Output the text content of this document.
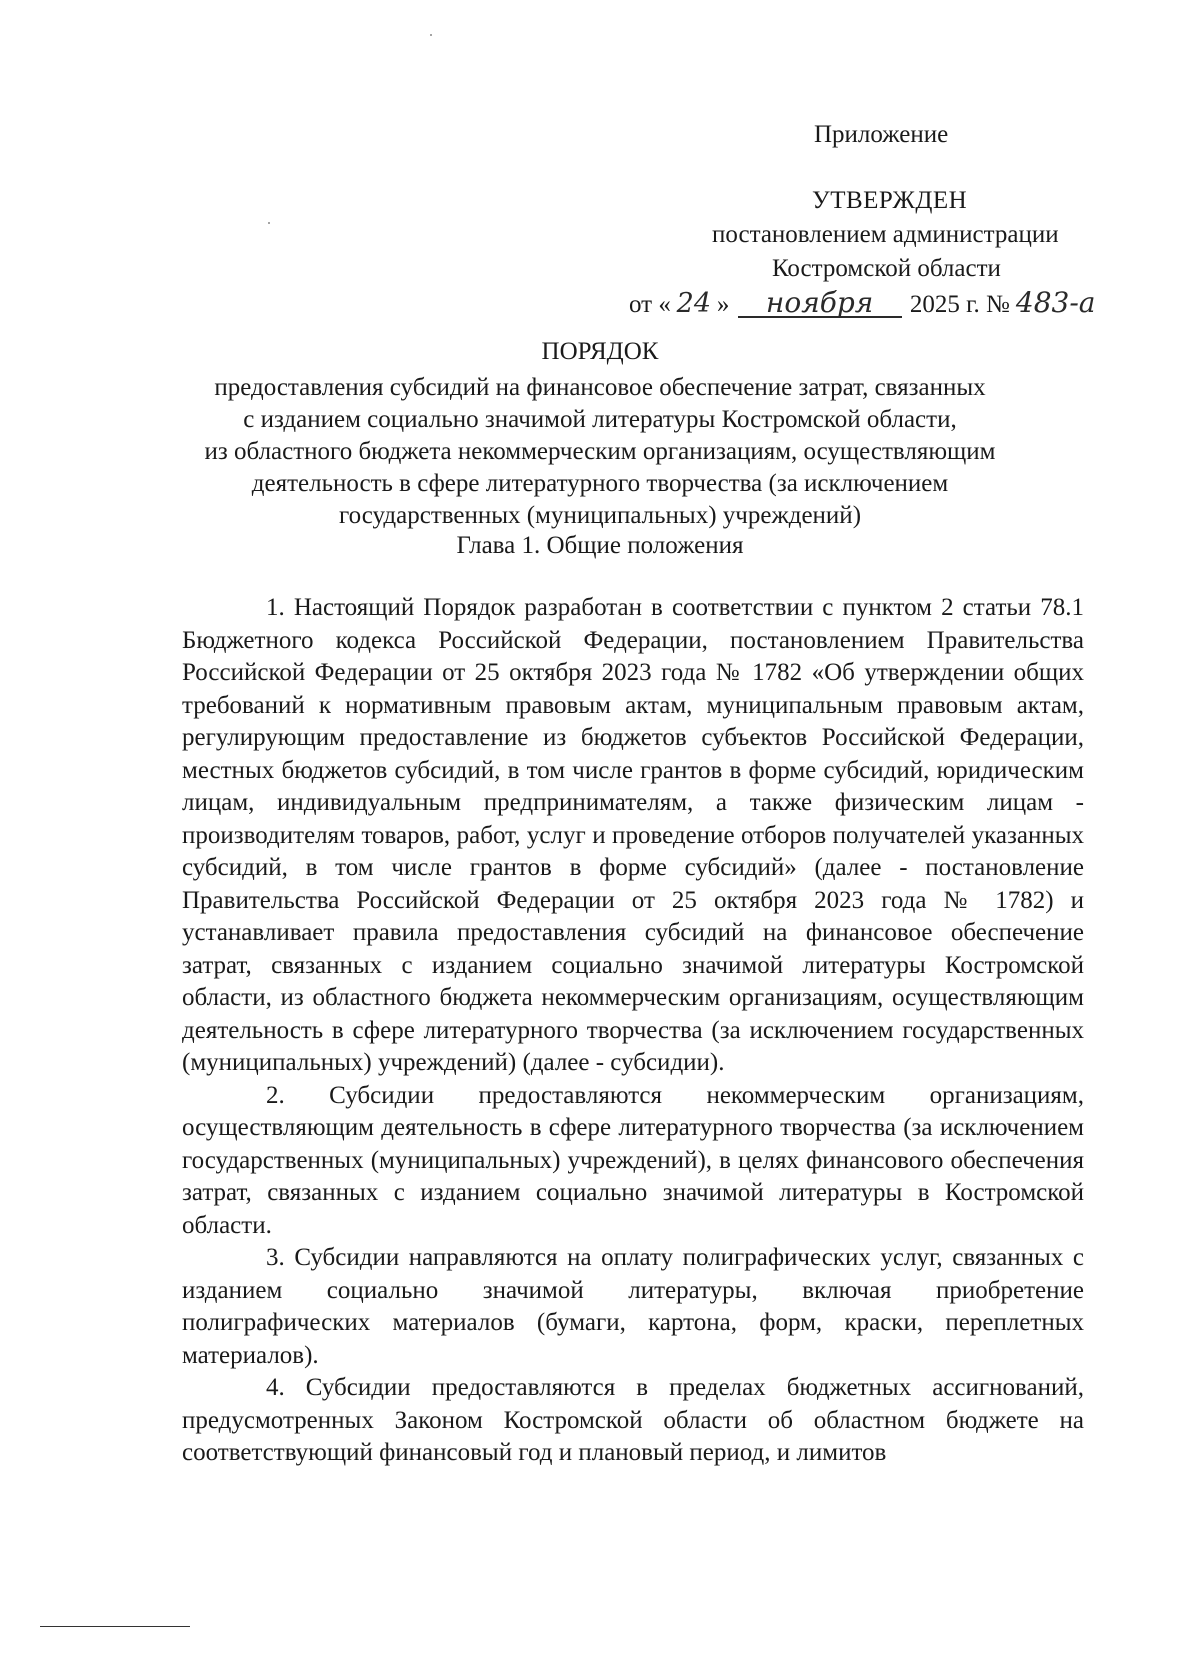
Приложение
УТВЕРЖДЕН
постановлением администрации
Костромской области
от « 24 » ноября 2025 г. № 483-а
ПОРЯДОК
предоставления субсидий на финансовое обеспечение затрат, связанных
с изданием социально значимой литературы Костромской области,
из областного бюджета некоммерческим организациям, осуществляющим
деятельность в сфере литературного творчества (за исключением
государственных (муниципальных) учреждений)
Глава 1. Общие положения

1. Настоящий Порядок разработан в соответствии с пунктом 2 статьи 78.1 Бюджетного кодекса Российской Федерации, постановлением Правительства Российской Федерации от 25 октября 2023 года № 1782 «Об утверждении общих требований к нормативным правовым актам, муниципальным правовым актам, регулирующим предоставление из бюджетов субъектов Российской Федерации, местных бюджетов субсидий, в том числе грантов в форме субсидий, юридическим лицам, индивидуальным предпринимателям, а также физическим лицам - производителям товаров, работ, услуг и проведение отборов получателей указанных субсидий, в том числе грантов в форме субсидий» (далее - постановление Правительства Российской Федерации от 25 октября 2023 года № 1782) и устанавливает правила предоставления субсидий на финансовое обеспечение затрат, связанных с изданием социально значимой литературы Костромской области, из областного бюджета некоммерческим организациям, осуществляющим деятельность в сфере литературного творчества (за исключением государственных (муниципальных) учреждений) (далее - субсидии).

2. Субсидии предоставляются некоммерческим организациям, осуществляющим деятельность в сфере литературного творчества (за исключением государственных (муниципальных) учреждений), в целях финансового обеспечения затрат, связанных с изданием социально значимой литературы в Костромской области.

3. Субсидии направляются на оплату полиграфических услуг, связанных с изданием социально значимой литературы, включая приобретение полиграфических материалов (бумаги, картона, форм, краски, переплетных материалов).

4. Субсидии предоставляются в пределах бюджетных ассигнований, предусмотренных Законом Костромской области об областном бюджете на соответствующий финансовый год и плановый период, и лимитов
